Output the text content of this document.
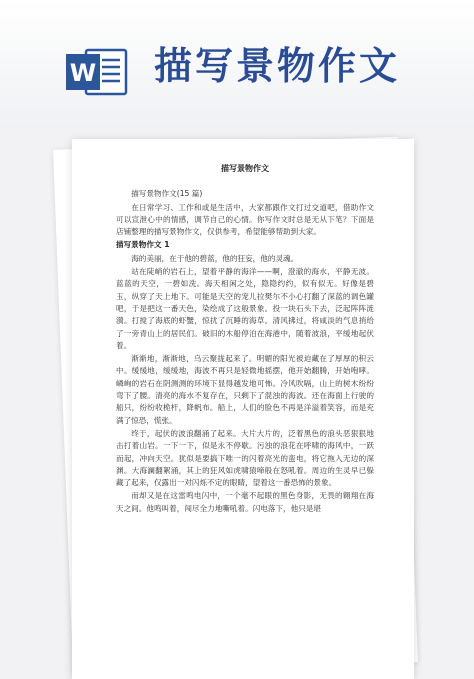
W 描写景物作文
描写景物作文
描写景物作文(15 篇)

在日常学习、工作和或是生活中，大家都跟作文打过交道吧，借助作文可以宣泄心中的情感，调节自己的心情。你写作文时总是无从下笔？下面是店铺整理的描写景物作文，仅供参考，希望能够帮助到大家。

描写景物作文 1

海的美丽，在于他的碧蓝，他的狂妄，他的灵魂。

站在陡峭的岩石上，望着平静的海洋——啊，澄澈的海水，平静无波。蓝蓝的天空，一碧如洗。海天相闲之处，隐隐约约，似有似无。好像是碧玉，纵穿了天上地下。可能是天空的宠儿拉樊尔不小心打翻了深蓝的调色罐吧，于是把这一番天色，染绘成了这般景象。投一块石头下去，泛起阵阵涟漪。打搅了海底的虾蟹，惊扰了沉睡的海草。清风拂过，将咸淡的气息捎给了一旁青山上的居民们。破旧的木船停泊在海港中，随着波浪，平缓地起伏着。

渐渐地，渐渐地，乌云聚拢起来了。明媚的阳光被迫藏在了厚厚的积云中。缓缓地，缓缓地，海波不再只是轻微地摇摆，他开始翻腾，开始咆哮。嶙峋的岩石在阴测测的环境下显得越发地可怖。冷风吹嗝，山上的树木纷纷弯下了腰。清亮的海水不复存在，只剩下了混浊的海波。还在海面上行驶的船只，纷纷收桅杆，降帆布。船上，人们的脸色不再是洋溢着笑容，而是充满了惊恐，慌张。

终于，起伏的波浪翻涌了起来。大片大片的，泛着黑色的浪头恶狠狠地击打着山岩。一下一下，似是永不停歇。污浊的浪花在呼啸的海风中，一跃而起，冲向天空。犹似是要搞下唯一的闪着亮光的蛮电，将它拖入无边的深渊。大海澜翻絮涌，其上的狂风如虎啸猿啼般在怒吼着。周边的生灵早已躲藏了起来，仅露出一对闪烁不定的眼睛，望着这一番恐怖的景象。

而却又是在这雷鸣电闪中，一个毫不起眼的黑色身影，无畏的翱翔在海天之间。他鸣叫着，闯尽全力地嘶吼着。闪电落下，他只是堪
